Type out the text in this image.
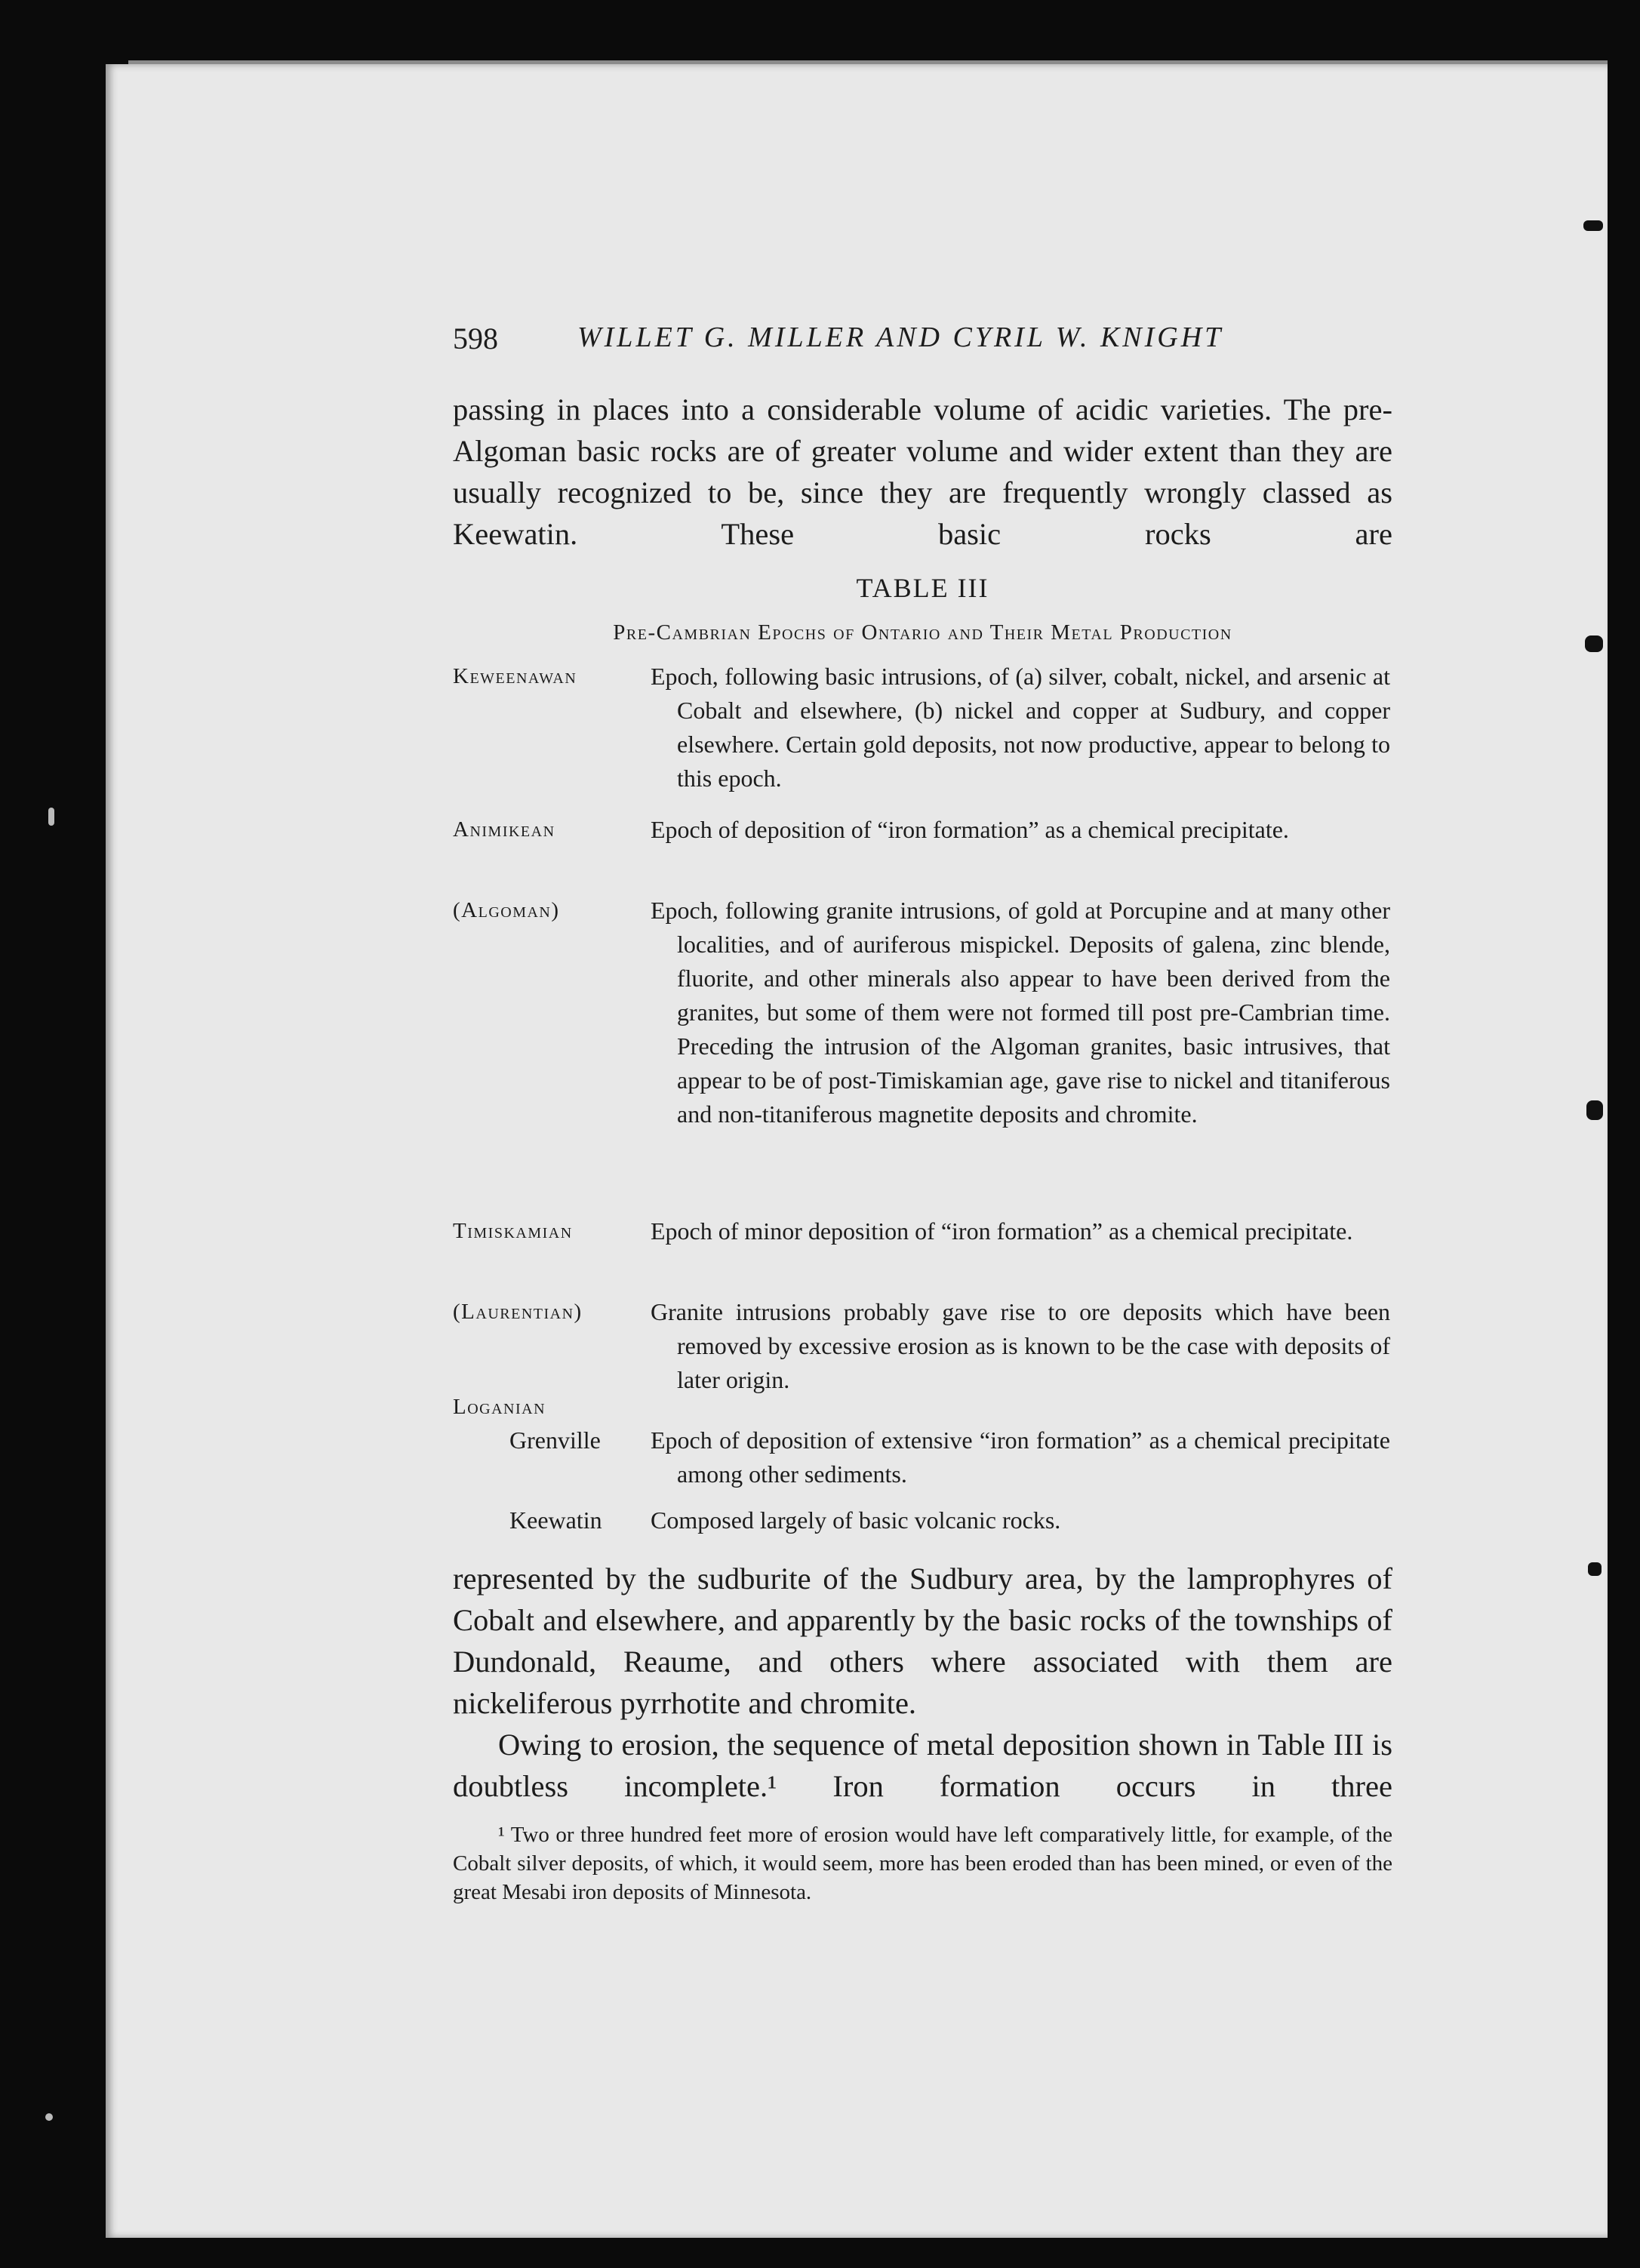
598	WILLET G. MILLER AND CYRIL W. KNIGHT

passing in places into a considerable volume of acidic varieties. The pre-Algoman basic rocks are of greater volume and wider extent than they are usually recognized to be, since they are frequently wrongly classed as Keewatin. These basic rocks are

TABLE III
Pre-Cambrian Epochs of Ontario and Their Metal Production
Keweenawan	Epoch, following basic intrusions, of (a) silver, cobalt, nickel, and arsenic at Cobalt and elsewhere, (b) nickel and copper at Sudbury, and copper elsewhere. Certain gold deposits, not now productive, appear to belong to this epoch.

Animikean	Epoch of deposition of “iron formation” as a chemical precipitate.

(Algoman)	Epoch, following granite intrusions, of gold at Porcupine and at many other localities, and of auriferous mispickel. Deposits of galena, zinc blende, fluorite, and other minerals also appear to have been derived from the granites, but some of them were not formed till post pre-Cambrian time. Preceding the intrusion of the Algoman granites, basic intrusives, that appear to be of post-Timiskamian age, gave rise to nickel and titaniferous and non-titaniferous magnetite deposits and chromite.

Timiskamian	Epoch of minor deposition of “iron formation” as a chemical precipitate.

(Laurentian)	Granite intrusions probably gave rise to ore deposits which have been removed by excessive erosion as is known to be the case with deposits of later origin.

Loganian
Grenville Epoch of deposition of extensive “iron formation” as a chemical precipitate among other sediments.

Keewatin Composed largely of basic volcanic rocks.

represented by the sudburite of the Sudbury area, by the lamprophyres of Cobalt and elsewhere, and apparently by the basic rocks of the townships of Dundonald, Reaume, and others where associated with them are nickeliferous pyrrhotite and chromite.

Owing to erosion, the sequence of metal deposition shown in Table III is doubtless incomplete.¹ Iron formation occurs in three

¹ Two or three hundred feet more of erosion would have left comparatively little, for example, of the Cobalt silver deposits, of which, it would seem, more has been eroded than has been mined, or even of the great Mesabi iron deposits of Minnesota.
